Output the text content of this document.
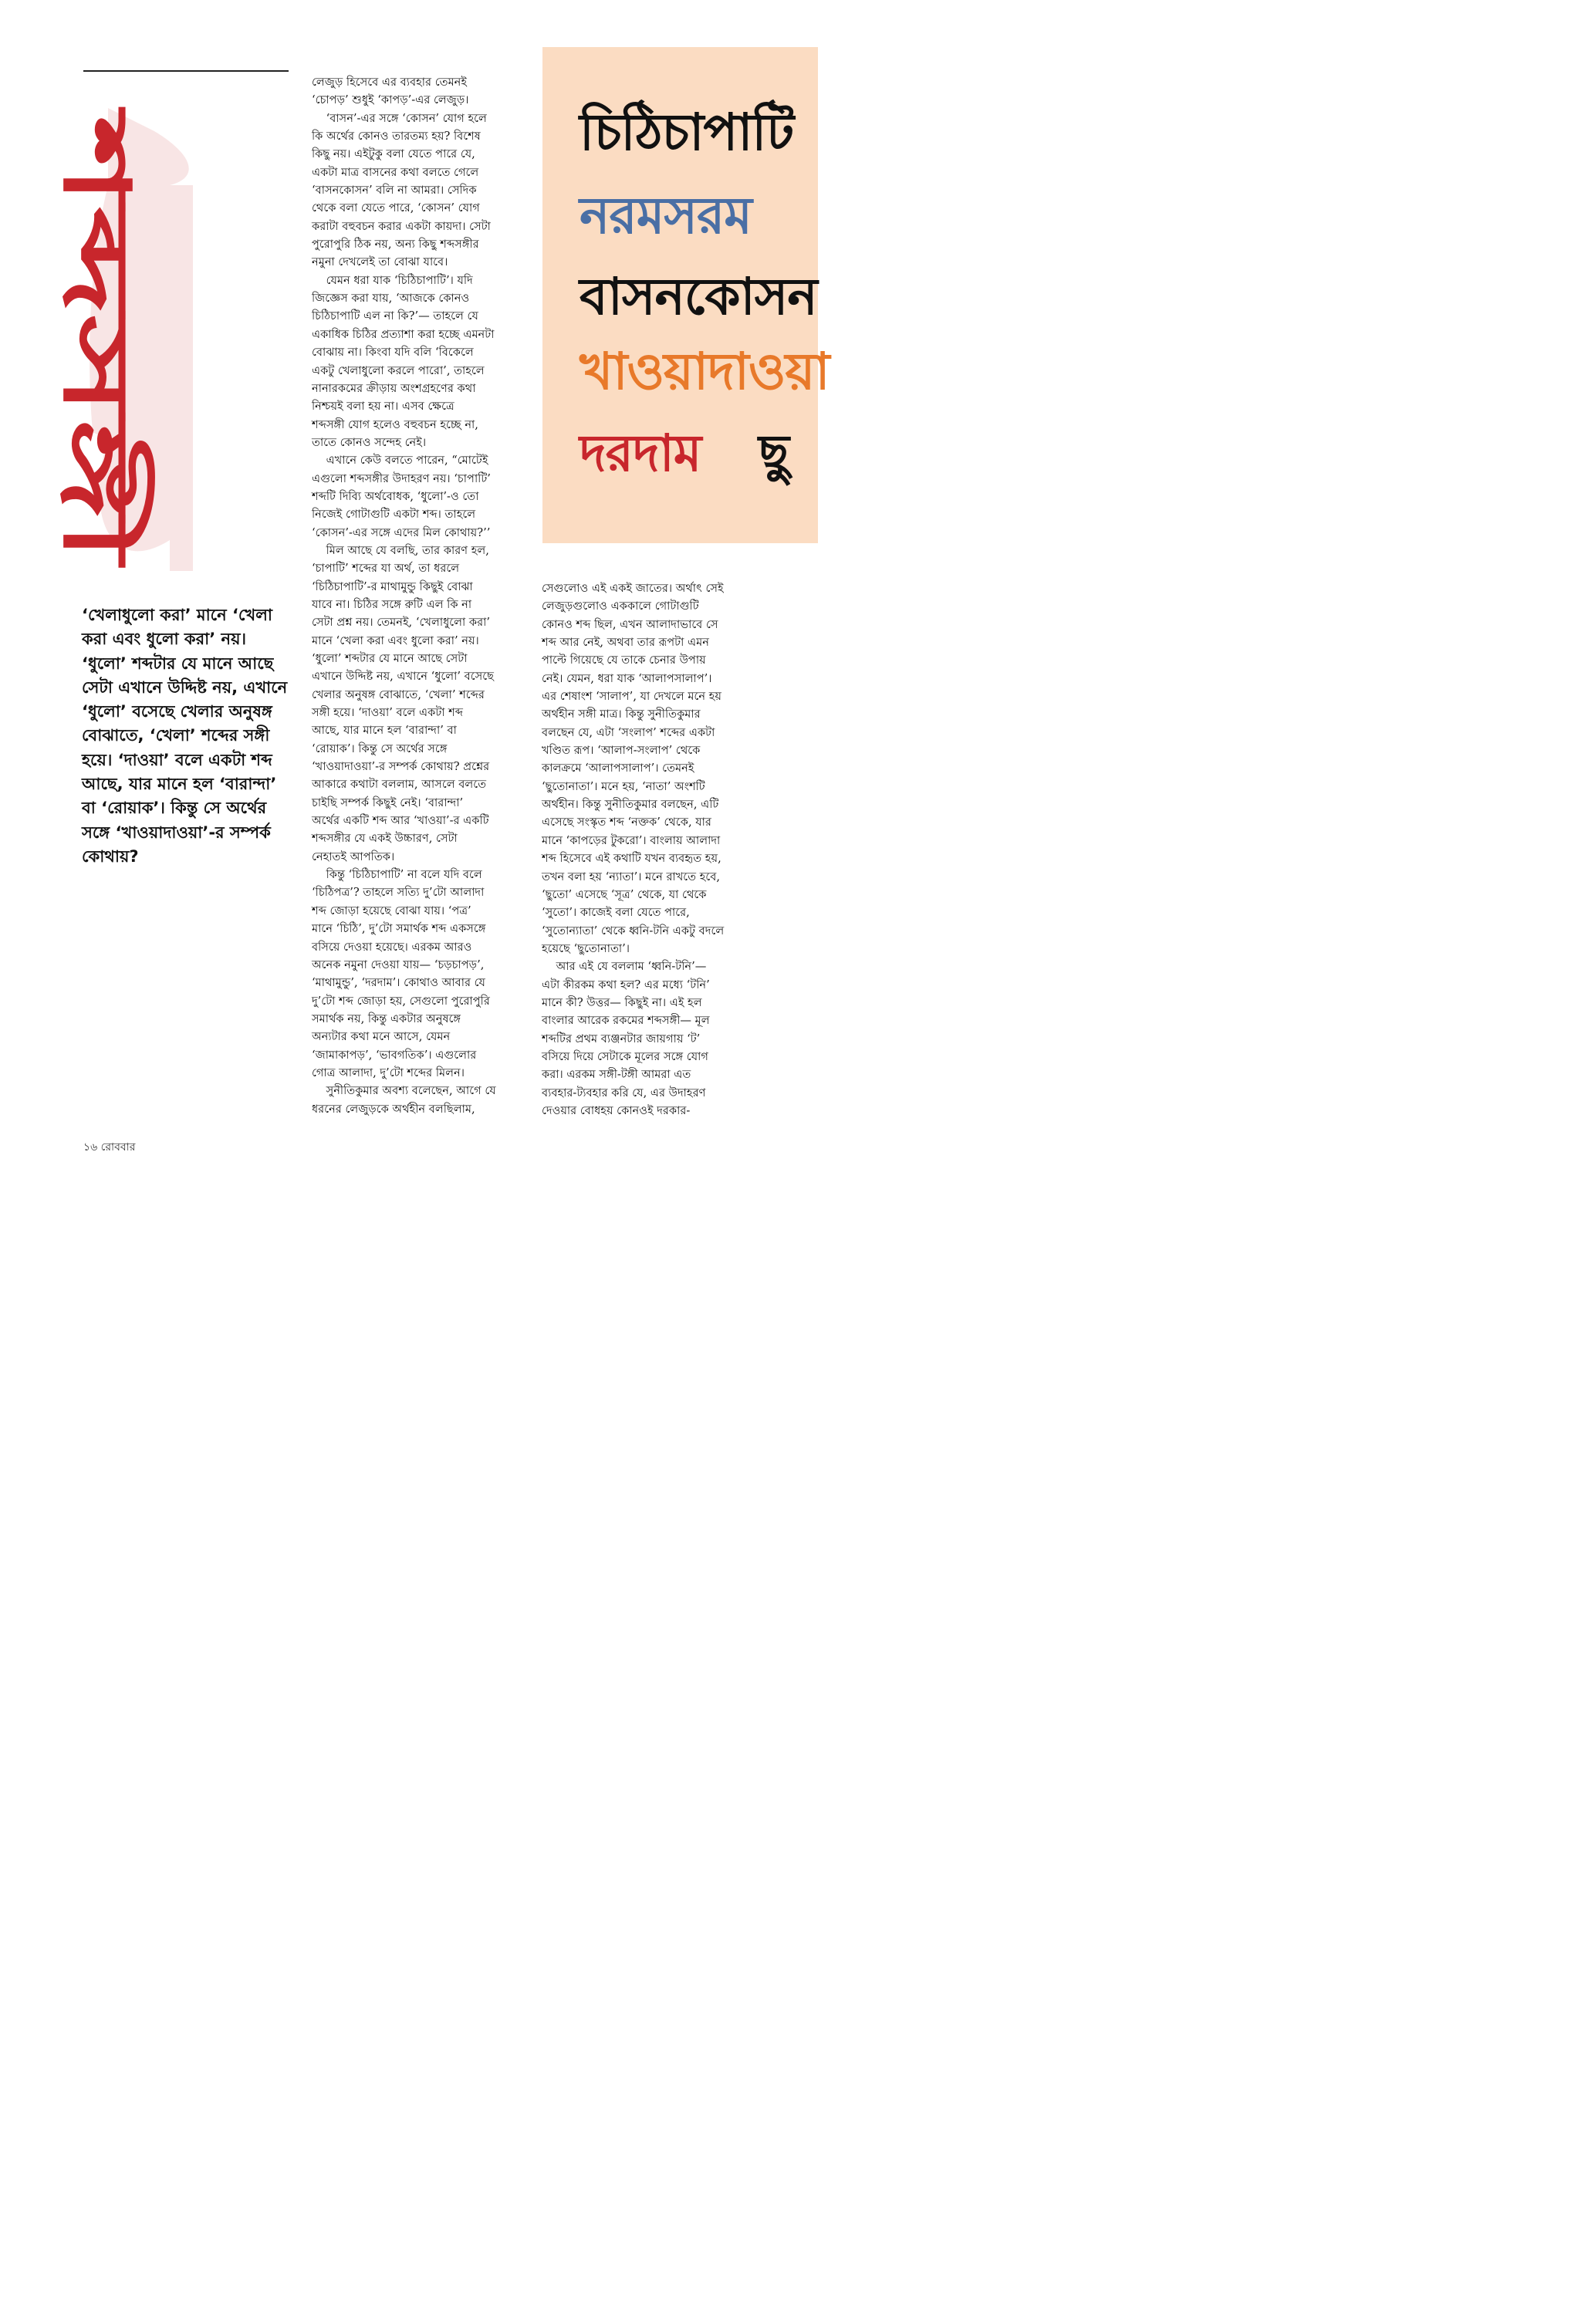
শব্দসঙ্গী

‘খেলাধুলো করা’ মানে ‘খেলা করা এবং ধুলো করা’ নয়। ‘ধুলো’ শব্দটার যে মানে আছে সেটা এখানে উদ্দিষ্ট নয়, এখানে ‘ধুলো’ বসেছে খেলার অনুষঙ্গ বোঝাতে, ‘খেলা’ শব্দের সঙ্গী হয়ে। ‘দাওয়া’ বলে একটা শব্দ আছে, যার মানে হল ‘বারান্দা’ বা ‘রোয়াক’। কিন্তু সে অর্থের সঙ্গে ‘খাওয়াদাওয়া’-র সম্পর্ক কোথায়?

লেজুড় হিসেবে এর ব্যবহার তেমনই
‘চোপড়’ শুধুই ‘কাপড়’-এর লেজুড়।
‘বাসন’-এর সঙ্গে ‘কোসন’ যোগ হলে
কি অর্থের কোনও তারতম্য হয়? বিশেষ
কিছু নয়। এইটুকু বলা যেতে পারে যে,
একটা মাত্র বাসনের কথা বলতে গেলে
‘বাসনকোসন’ বলি না আমরা। সেদিক
থেকে বলা যেতে পারে, ‘কোসন’ যোগ
করাটা বহুবচন করার একটা কায়দা। সেটা
পুরোপুরি ঠিক নয়, অন্য কিছু শব্দসঙ্গীর
নমুনা দেখলেই তা বোঝা যাবে।
যেমন ধরা যাক ‘চিঠিচাপাটি’। যদি
জিজ্ঞেস করা যায়, ‘আজকে কোনও
চিঠিচাপাটি এল না কি?’— তাহলে যে
একাধিক চিঠির প্রত্যাশা করা হচ্ছে এমনটা
বোঝায় না। কিংবা যদি বলি ‘বিকেলে
একটু খেলাধুলো করলে পারো’, তাহলে
নানারকমের ক্রীড়ায় অংশগ্রহণের কথা
নিশ্চয়ই বলা হয় না। এসব ক্ষেত্রে
শব্দসঙ্গী যোগ হলেও বহুবচন হচ্ছে না,
তাতে কোনও সন্দেহ নেই।
এখানে কেউ বলতে পারেন, “মোটেই
এগুলো শব্দসঙ্গীর উদাহরণ নয়। ‘চাপাটি’
শব্দটি দিব্যি অর্থবোধক, ‘ধুলো’-ও তো
নিজেই গোটাগুটি একটা শব্দ। তাহলে
‘কোসন’-এর সঙ্গে এদের মিল কোথায়?’’
মিল আছে যে বলছি, তার কারণ হল,
‘চাপাটি’ শব্দের যা অর্থ, তা ধরলে
‘চিঠিচাপাটি’-র মাথামুন্ডু কিছুই বোঝা
যাবে না। চিঠির সঙ্গে রুটি এল কি না
সেটা প্রশ্ন নয়। তেমনই, ‘খেলাধুলো করা’
মানে ‘খেলা করা এবং ধুলো করা’ নয়।
‘ধুলো’ শব্দটার যে মানে আছে সেটা
এখানে উদ্দিষ্ট নয়, এখানে ‘ধুলো’ বসেছে
খেলার অনুষঙ্গ বোঝাতে, ‘খেলা’ শব্দের
সঙ্গী হয়ে। ‘দাওয়া’ বলে একটা শব্দ
আছে, যার মানে হল ‘বারান্দা’ বা
‘রোয়াক’। কিন্তু সে অর্থের সঙ্গে
‘খাওয়াদাওয়া’-র সম্পর্ক কোথায়? প্রশ্নের
আকারে কথাটা বললাম, আসলে বলতে
চাইছি সম্পর্ক কিছুই নেই। ‘বারান্দা’
অর্থের একটি শব্দ আর ‘খাওয়া’-র একটি
শব্দসঙ্গীর যে একই উচ্চারণ, সেটা
নেহাতই আপতিক।
কিন্তু ‘চিঠিচাপাটি’ না বলে যদি বলে
‘চিঠিপত্র’? তাহলে সত্যি দু’টো আলাদা
শব্দ জোড়া হয়েছে বোঝা যায়। ‘পত্র’
মানে ‘চিঠি’, দু’টো সমার্থক শব্দ একসঙ্গে
বসিয়ে দেওয়া হয়েছে। এরকম আরও
অনেক নমুনা দেওয়া যায়— ‘চড়চাপড়’,
‘মাথামুন্ডু’, ‘দরদাম’। কোথাও আবার যে
দু’টো শব্দ জোড়া হয়, সেগুলো পুরোপুরি
সমার্থক নয়, কিন্তু একটার অনুষঙ্গে
অন্যটার কথা মনে আসে, যেমন
‘জামাকাপড়’, ‘ভাবগতিক’। এগুলোর
গোত্র আলাদা, দু’টো শব্দের মিলন।
সুনীতিকুমার অবশ্য বলেছেন, আগে যে
ধরনের লেজুড়কে অর্থহীন বলছিলাম,

চিঠিচাপাটি

নরমসরম

বাসনকোসন

খাওয়াদাওয়া

দরদাম ছু

সেগুলোও এই একই জাতের। অর্থাৎ সেই
লেজুড়গুলোও এককালে গোটাগুটি
কোনও শব্দ ছিল, এখন আলাদাভাবে সে
শব্দ আর নেই, অথবা তার রূপটা এমন
পাল্টে গিয়েছে যে তাকে চেনার উপায়
নেই। যেমন, ধরা যাক ‘আলাপসালাপ’।
এর শেষাংশ ‘সালাপ’, যা দেখলে মনে হয়
অর্থহীন সঙ্গী মাত্র। কিন্তু সুনীতিকুমার
বলছেন যে, এটা ‘সংলাপ’ শব্দের একটা
খণ্ডিত রূপ। ‘আলাপ-সংলাপ’ থেকে
কালক্রমে ‘আলাপসালাপ’। তেমনই
‘ছুতোনাতা’। মনে হয়, ‘নাতা’ অংশটি
অর্থহীন। কিন্তু সুনীতিকুমার বলছেন, এটি
এসেছে সংস্কৃত শব্দ ‘নক্তক’ থেকে, যার
মানে ‘কাপড়ের টুকরো’। বাংলায় আলাদা
শব্দ হিসেবে এই কথাটি যখন ব্যবহৃত হয়,
তখন বলা হয় ‘ন্যাতা’। মনে রাখতে হবে,
‘ছুতো’ এসেছে ‘সূত্র’ থেকে, যা থেকে
‘সুতো’। কাজেই বলা যেতে পারে,
‘সুতোন্যাতা’ থেকে ধ্বনি-টনি একটু বদলে
হয়েছে ‘ছুতোনাতা’।
আর এই যে বললাম ‘ধ্বনি-টনি’—
এটা কীরকম কথা হল? এর মধ্যে ‘টনি’
মানে কী? উত্তর— কিছুই না। এই হল
বাংলার আরেক রকমের শব্দসঙ্গী— মূল
শব্দটির প্রথম ব্যঞ্জনটার জায়গায় ‘ট’
বসিয়ে দিয়ে সেটাকে মূলের সঙ্গে যোগ
করা। এরকম সঙ্গী-টঙ্গী আমরা এত
ব্যবহার-ট্যবহার করি যে, এর উদাহরণ
দেওয়ার বোধহয় কোনওই দরকার-

১৬ রোববার
